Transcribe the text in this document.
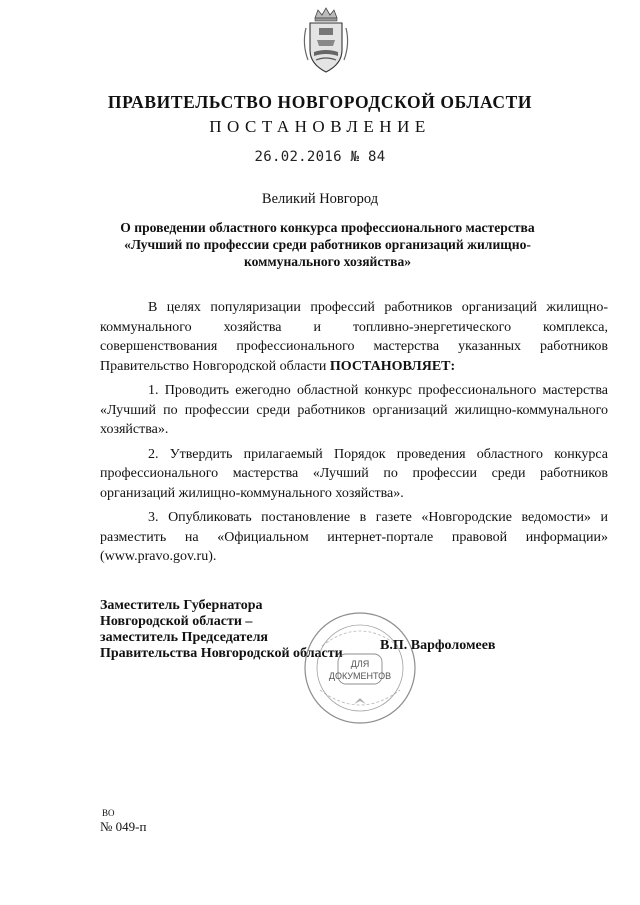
ПРАВИТЕЛЬСТВО НОВГОРОДСКОЙ ОБЛАСТИ
ПОСТАНОВЛЕНИЕ
26.02.2016 № 84
Великий Новгород
О проведении областного конкурса профессионального мастерства
«Лучший по профессии среди работников организаций жилищно-
коммунального хозяйства»

В целях популяризации профессий работников организаций жилищно-коммунального хозяйства и топливно-энергетического комплекса, совершенствования профессионального мастерства указанных работников Правительство Новгородской области ПОСТАНОВЛЯЕТ:

1. Проводить ежегодно областной конкурс профессионального мастерства «Лучший по профессии среди работников организаций жилищно-коммунального хозяйства».

2. Утвердить прилагаемый Порядок проведения областного конкурса профессионального мастерства «Лучший по профессии среди работников организаций жилищно-коммунального хозяйства».

3. Опубликовать постановление в газете «Новгородские ведомости» и разместить на «Официальном интернет-портале правовой информации» (www.pravo.gov.ru).

Заместитель Губернатора
Новгородской области –
заместитель Председателя
Правительства Новгородской области
ДЛЯ
ДОКУМЕНТОВ
В.П. Варфоломеев
ВО
№ 049-п
